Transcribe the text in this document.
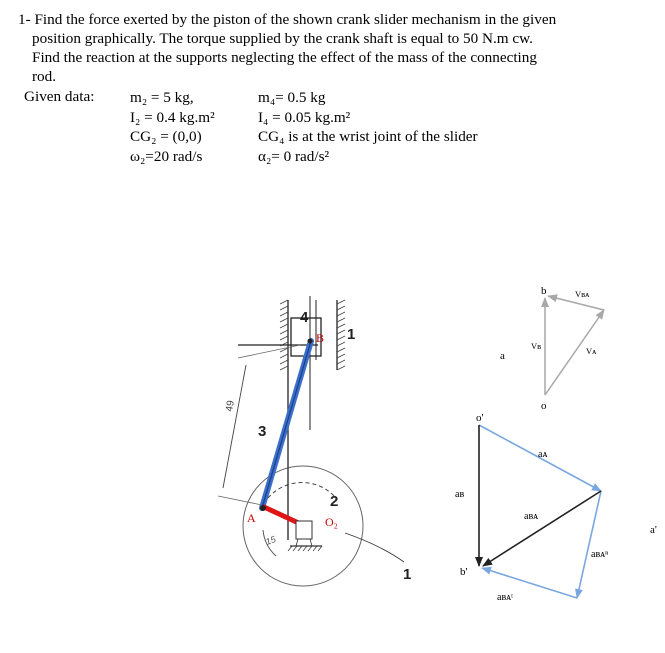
1- Find the force exerted by the piston of the shown crank slider mechanism in the given

position graphically. The torque supplied by the crank shaft is equal to 50 N.m cw.

Find the reaction at the supports neglecting the effect of the mass of the connecting

rod.

Given data: m₂ = 5 kg,
I₂ = 0.4 kg.m²
CG₂ = (0,0)
ω₂=20 rad/s
m₄= 0.5 kg
I₄ = 0.05 kg.m²
CG₄ is at the wrist joint of the slider
α₂= 0 rad/s²
49
4
1
B
3
2
O₂
A
15
1
a
b
o
Vʙ	Vᴀ
Vʙᴀ
o'
a'
b'
aᴀ
aʙ
aʙᴀ
aʙᴀⁿ
aʙᴀᵗ
